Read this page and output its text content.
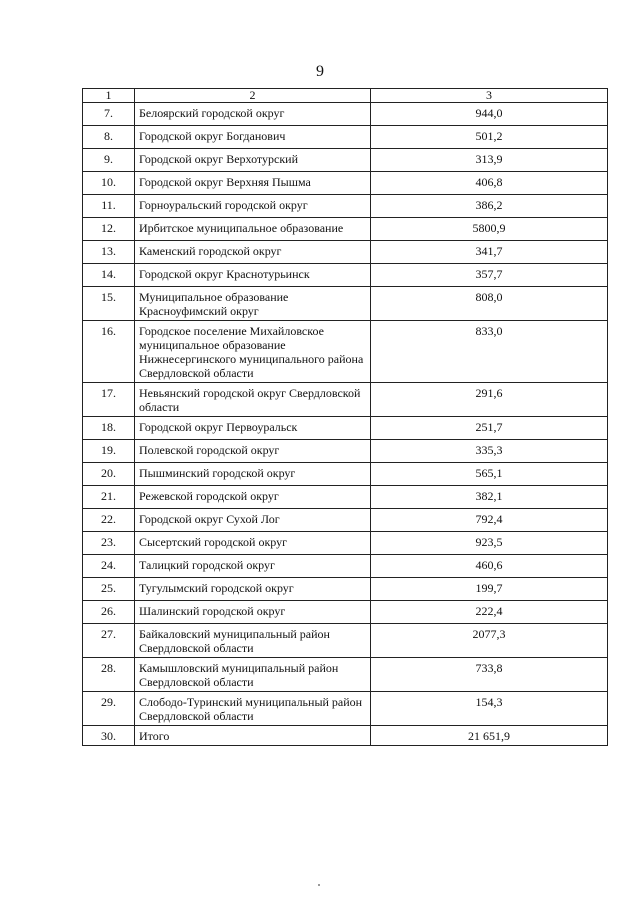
9
1	2	3
7.	Белоярский городской округ	944,0
8.	Городской округ Богданович	501,2
9.	Городской округ Верхотурский	313,9
10.	Городской округ Верхняя Пышма	406,8
11.	Горноуральский городской округ	386,2
12.	Ирбитское муниципальное образование	5800,9
13.	Каменский городской округ	341,7
14.	Городской округ Краснотурьинск	357,7
15.	Муниципальное образование Красноуфимский округ	808,0
16.	Городское поселение Михайловское муниципальное образование Нижнесергинского муниципального района Свердловской области	833,0
17.	Невьянский городской округ Свердловской области	291,6
18.	Городской округ Первоуральск	251,7
19.	Полевской городской округ	335,3
20.	Пышминский городской округ	565,1
21.	Режевской городской округ	382,1
22.	Городской округ Сухой Лог	792,4
23.	Сысертский городской округ	923,5
24.	Талицкий городской округ	460,6
25.	Тугулымский городской округ	199,7
26.	Шалинский городской округ	222,4
27.	Байкаловский муниципальный район Свердловской области	2077,3
28.	Камышловский муниципальный район Свердловской области	733,8
29.	Слободо-Туринский муниципальный район Свердловской области	154,3
30.	Итого	21 651,9
